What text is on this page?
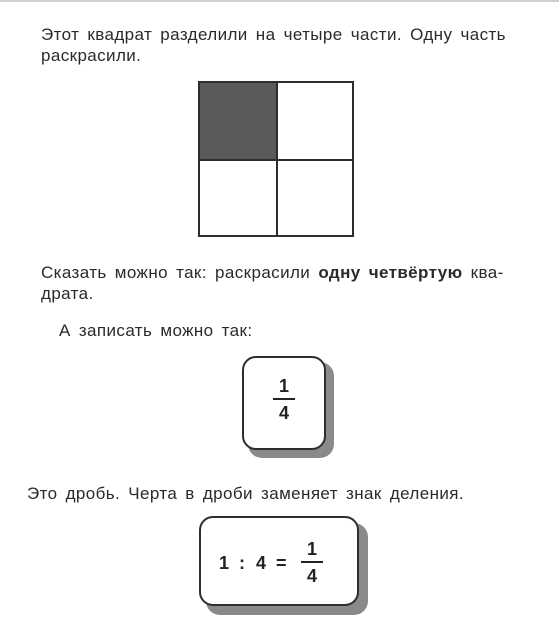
Этот квадрат разделили на четыре части. Одну часть

раскрасили.

Сказать можно так: раскрасили одну четвёртую ква-

драта.

А записать можно так:

1
4

Это дробь. Черта в дроби заменяет знак деления.

1 : 4 =
1
4
